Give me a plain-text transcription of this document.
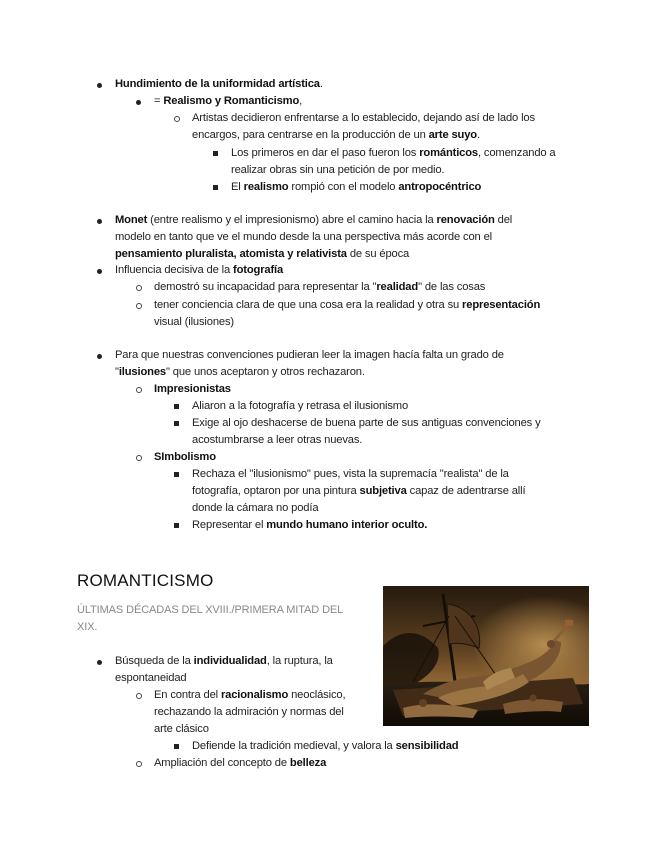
Hundimiento de la uniformidad artística.
= Realismo y Romanticismo,
Artistas decidieron enfrentarse a lo establecido, dejando así de lado los
encargos, para centrarse en la producción de un arte suyo.
Los primeros en dar el paso fueron los románticos, comenzando a
realizar obras sin una petición de por medio.
El realismo rompió con el modelo antropocéntrico
Monet (entre realismo y el impresionismo) abre el camino hacia la renovación del
modelo en tanto que ve el mundo desde la una perspectiva más acorde con el
pensamiento pluralista, atomista y relativista de su época
Influencia decisiva de la fotografía
demostró su incapacidad para representar la "realidad" de las cosas
tener conciencia clara de que una cosa era la realidad y otra su representación
visual (ilusiones)
Para que nuestras convenciones pudieran leer la imagen hacía falta un grado de
"ilusiones" que unos aceptaron y otros rechazaron.
Impresionistas
Aliaron a la fotografía y retrasa el ilusionismo
Exige al ojo deshacerse de buena parte de sus antiguas convenciones y
acostumbrarse a leer otras nuevas.
SImbolismo
Rechaza el "ilusionismo" pues, vista la supremacía "realista" de la
fotografía, optaron por una pintura subjetiva capaz de adentrarse allí
donde la cámara no podía
Representar el mundo humano interior oculto.
ROMANTICISMO
ÚLTIMAS DÉCADAS DEL XVIII./PRIMERA MITAD DEL
XIX.
Búsqueda de la individualidad, la ruptura, la
espontaneidad
En contra del racionalismo neoclásico,
rechazando la admiración y normas del
arte clásico
Defiende la tradición medieval, y valora la sensibilidad
Ampliación del concepto de belleza
